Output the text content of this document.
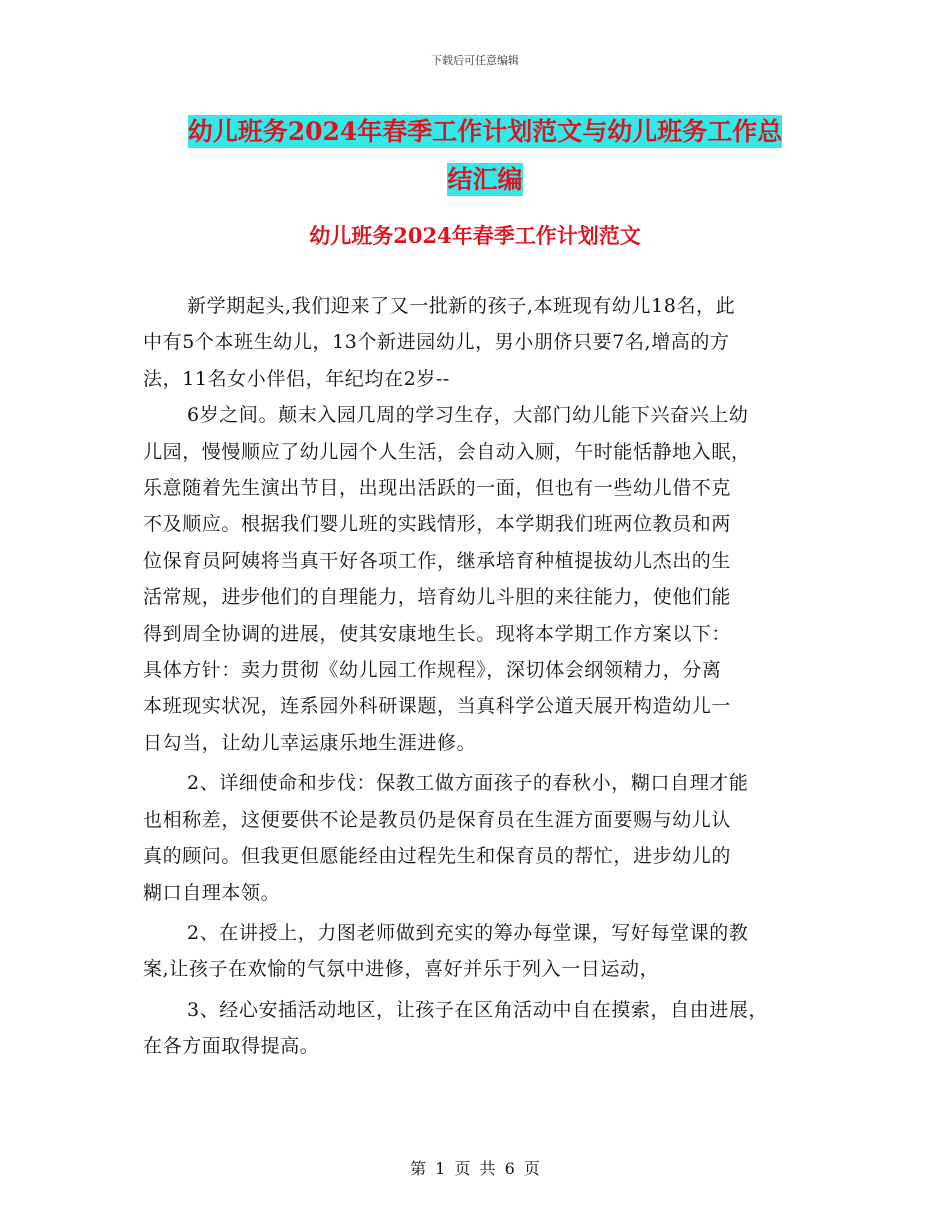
下载后可任意编辑
幼儿班务2024年春季工作计划范文与幼儿班务工作总
结汇编
幼儿班务2024年春季工作计划范文

新学期起头,我们迎来了又一批新的孩子,本班现有幼儿18名，此
中有5个本班生幼儿，13个新进园幼儿，男小朋侪只要7名,增高的方
法，11名女小伴侣，年纪均在2岁--

6岁之间。颠末入园几周的学习生存，大部门幼儿能下兴奋兴上幼
儿园，慢慢顺应了幼儿园个人生活，会自动入厕，午时能恬静地入眠，
乐意随着先生演出节目，出现出活跃的一面，但也有一些幼儿借不克
不及顺应。根据我们婴儿班的实践情形，本学期我们班两位教员和两
位保育员阿姨将当真干好各项工作，继承培育种植提拔幼儿杰出的生
活常规，进步他们的自理能力，培育幼儿斗胆的来往能力，使他们能
得到周全协调的进展，使其安康地生长。现将本学期工作方案以下：
具体方针：卖力贯彻《幼儿园工作规程》，深切体会纲领精力，分离
本班现实状况，连系园外科研课题，当真科学公道天展开构造幼儿一
日勾当，让幼儿幸运康乐地生涯进修。

2、详细使命和步伐：保教工做方面孩子的春秋小，糊口自理才能
也相称差，这便要供不论是教员仍是保育员在生涯方面要赐与幼儿认
真的顾问。但我更但愿能经由过程先生和保育员的帮忙，进步幼儿的
糊口自理本领。

2、在讲授上，力图老师做到充实的筹办每堂课，写好每堂课的教
案,让孩子在欢愉的气氛中进修，喜好并乐于列入一日运动，

3、经心安插活动地区，让孩子在区角活动中自在摸索，自由进展，
在各方面取得提高。

第 1 页 共 6 页
